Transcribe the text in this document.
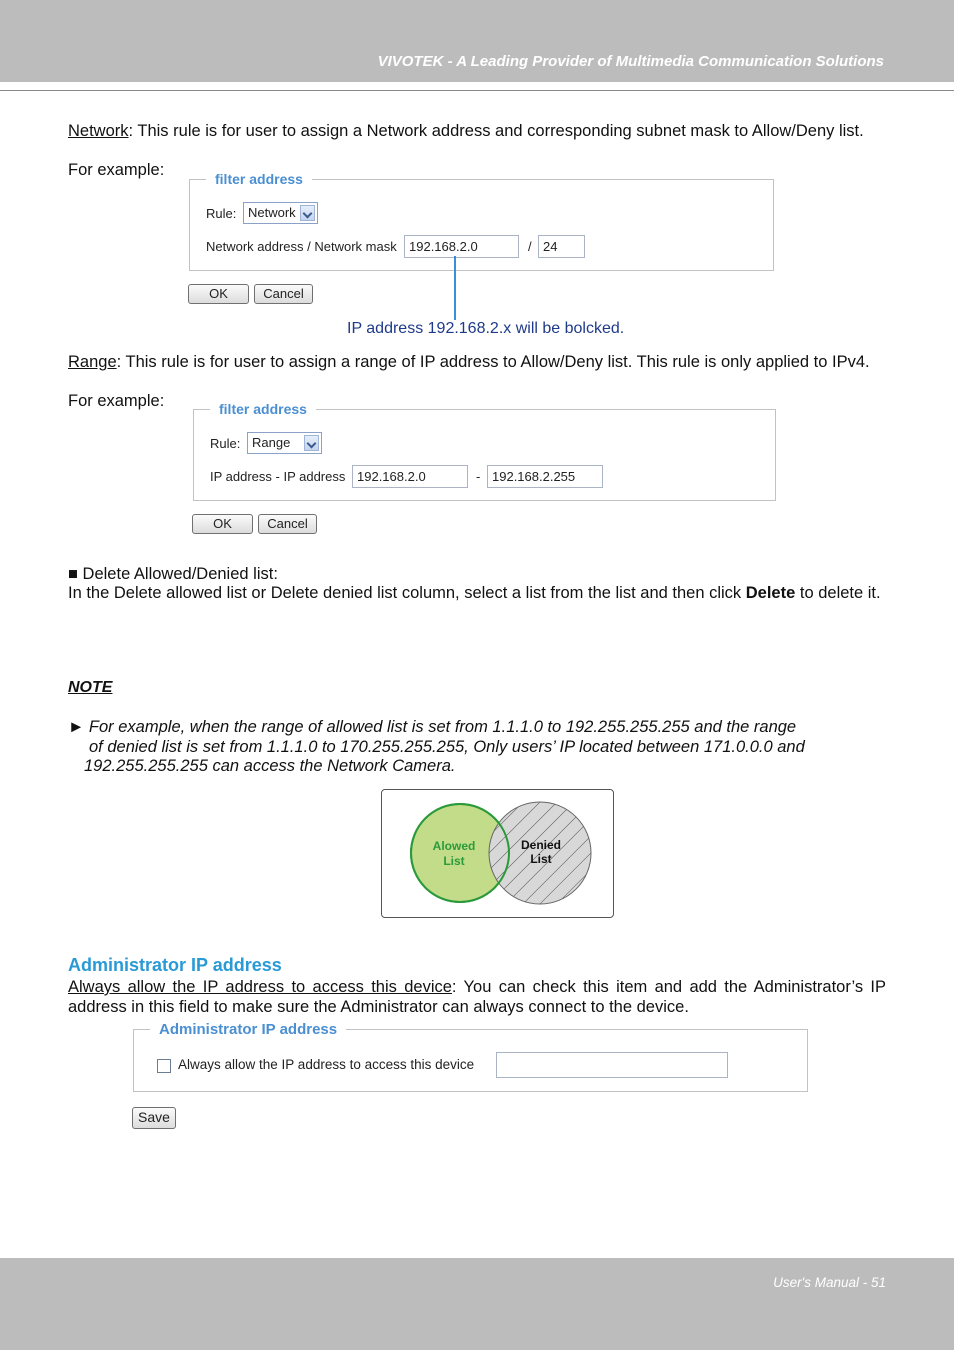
VIVOTEK - A Leading Provider of Multimedia Communication Solutions
User's Manual - 51
Network: This rule is for user to assign a Network address and corresponding subnet mask to Allow/Deny list.
For example:	filter address
Rule: Network
Network address / Network mask 192.168.2.0	/ 24
OK	Cancel
IP address 192.168.2.x will be bolcked.
Range: This rule is for user to assign a range of IP address to Allow/Deny list. This rule is only applied to IPv4.
For example:	filter address
Rule: Range
IP address - IP address 192.168.2.0	- 192.168.2.255
OK	Cancel
■ Delete Allowed/Denied list:
In the Delete allowed list or Delete denied list column, select a list from the list and then click Delete to delete it.
NOTE
► For example, when the range of allowed list is set from 1.1.1.0 to 192.255.255.255 and the range
of denied list is set from 1.1.1.0 to 170.255.255.255, Only users’ IP located between 171.0.0.0 and
192.255.255.255 can access the Network Camera.
Alowed
List
Denied
List
Administrator IP address
Always allow the IP address to access this device: You can check this item and add the Administrator’s IP address in this field to make sure the Administrator can always connect to the device.
Administrator IP address
Always allow the IP address to access this device
Save
